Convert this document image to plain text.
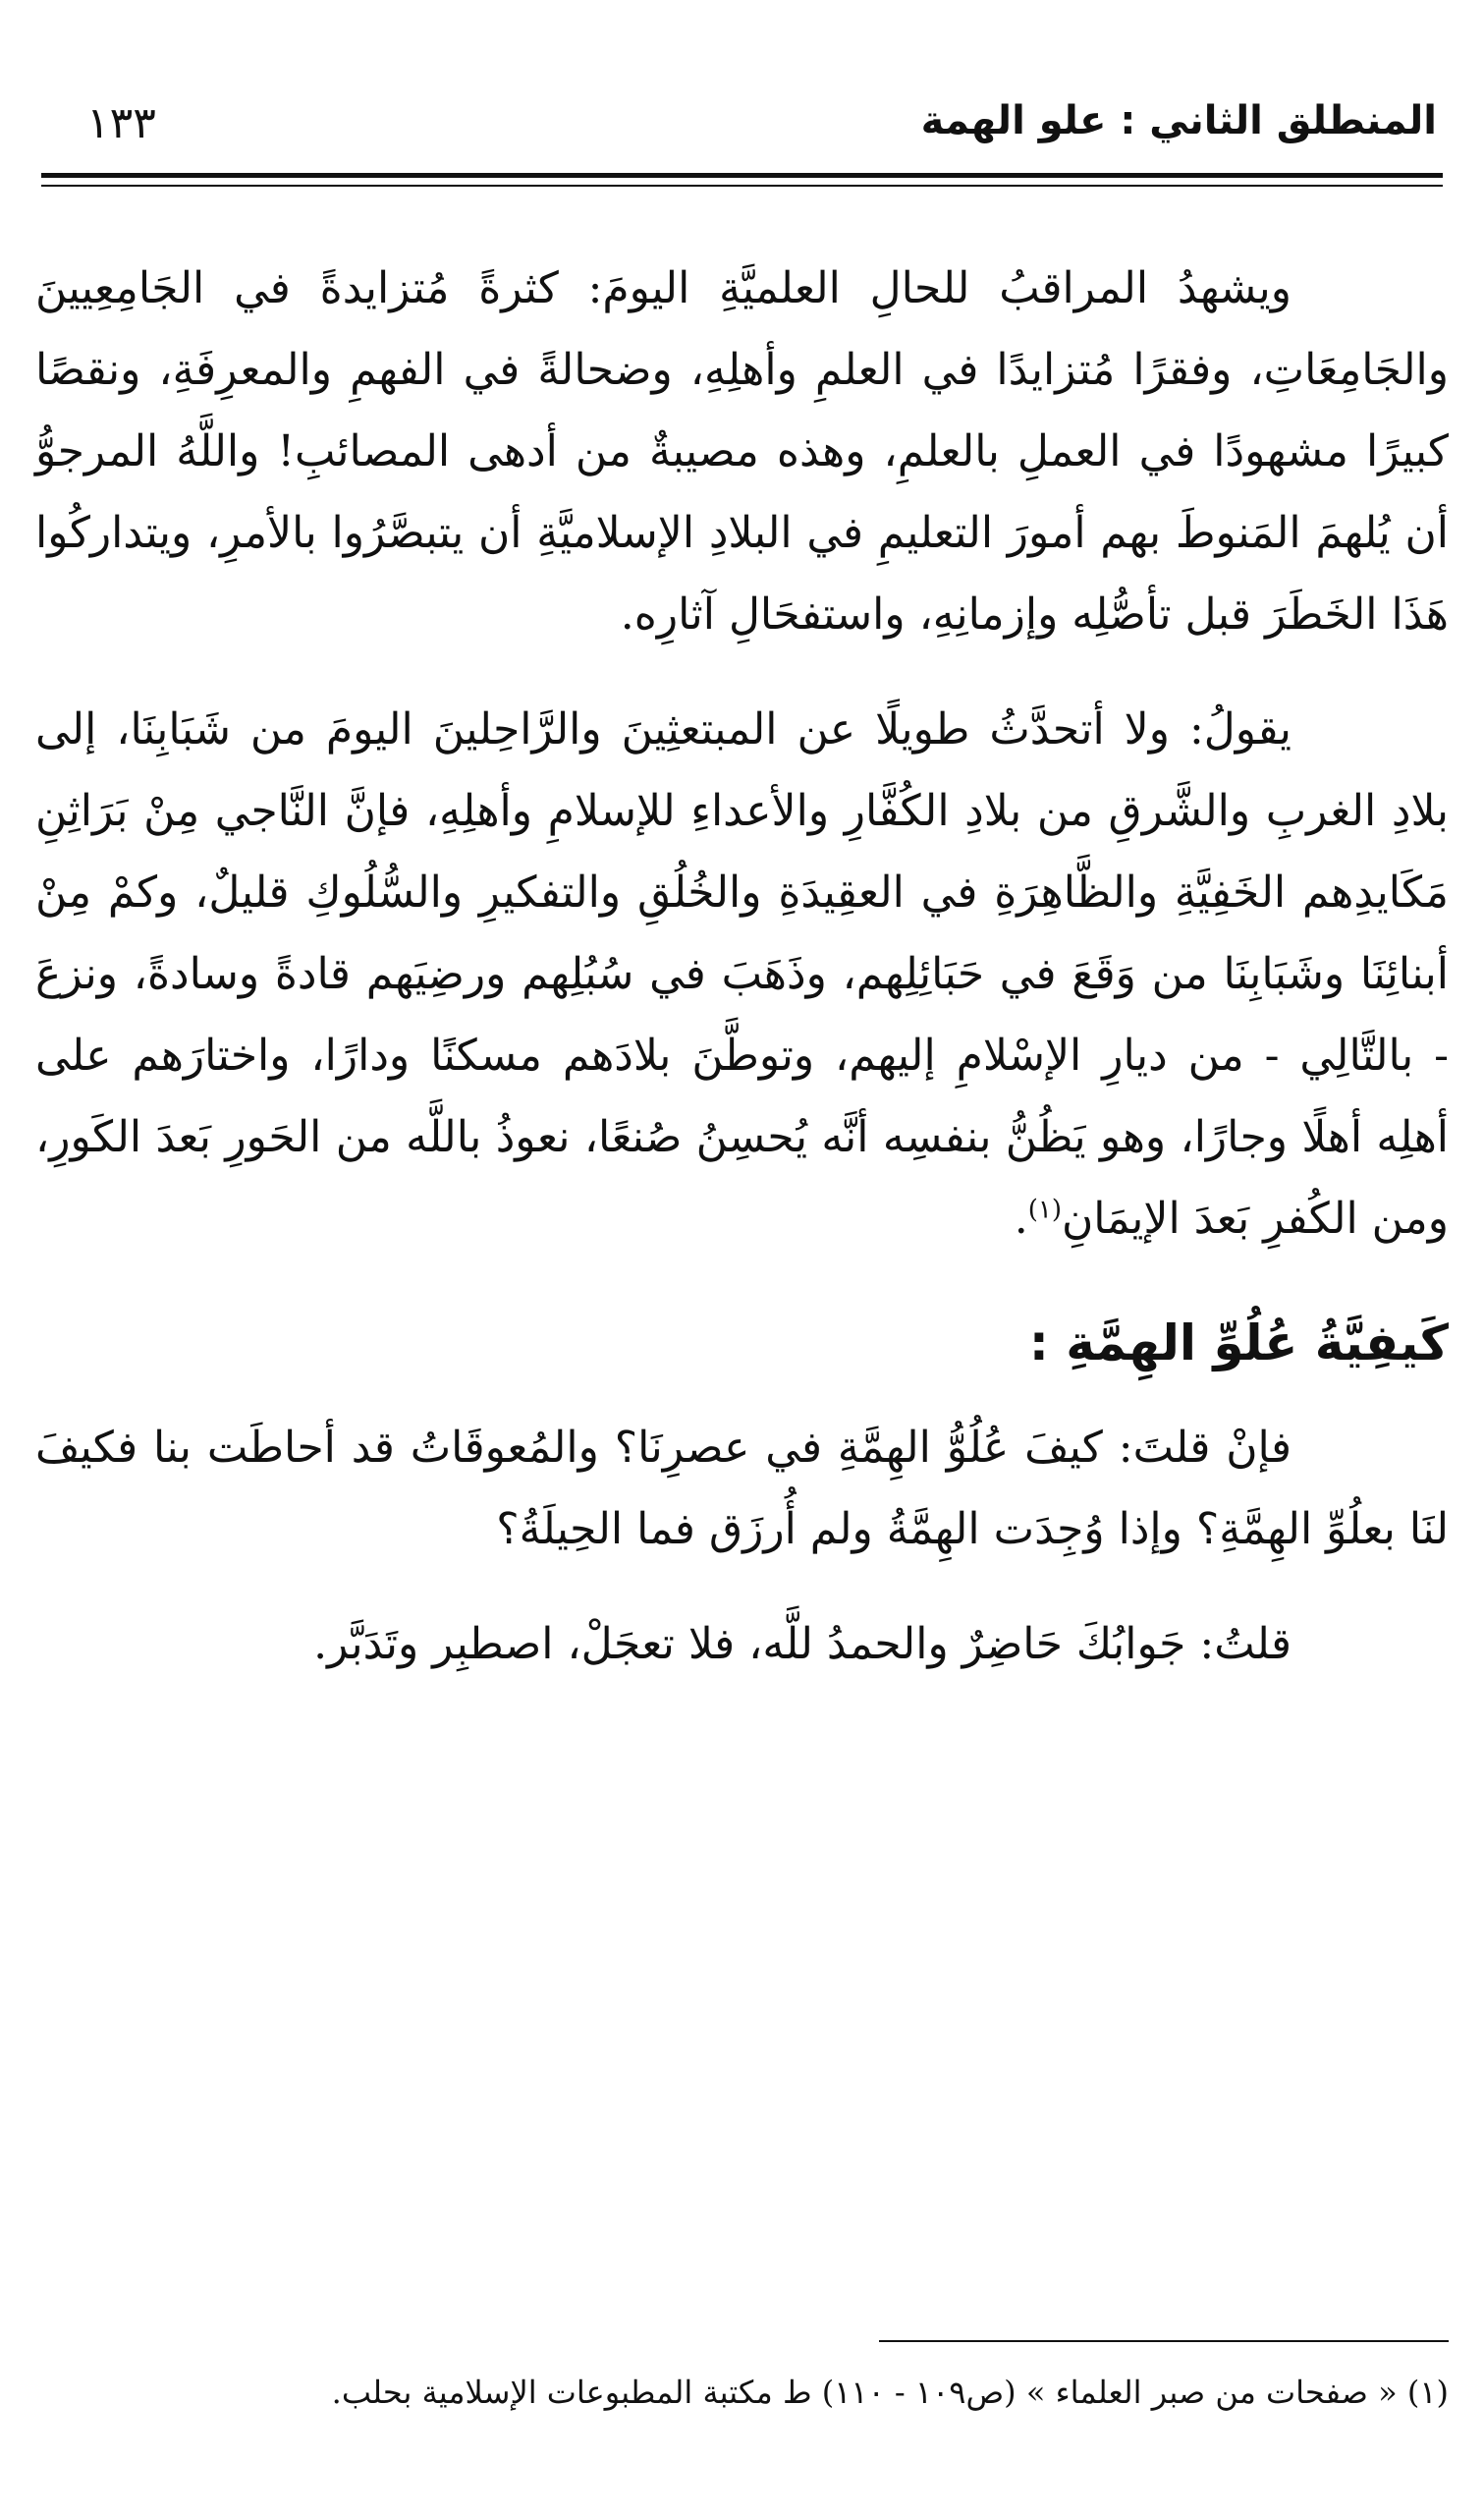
المنطلق الثاني : علو الهمة
١٣٣

ويشهدُ المراقبُ للحالِ العلميَّةِ اليومَ: كثرةً مُتزايدةً في الجَامِعِيينَ والجَامِعَاتِ، وفقرًا مُتزايدًا في العلمِ وأهلِهِ، وضحالةً في الفهمِ والمعرِفَةِ، ونقصًا كبيرًا مشهودًا في العملِ بالعلمِ، وهذه مصيبةٌ من أدهى المصائبِ! واللَّهُ المرجوُّ أن يُلهمَ المَنوطَ بهم أمورَ التعليمِ في البلادِ الإسلاميَّةِ أن يتبصَّرُوا بالأمرِ، ويتداركُوا هَذَا الخَطَرَ قبل تأصُّلِه وإزمانِهِ، واستفحَالِ آثارِه.

يقولُ: ولا أتحدَّثُ طويلًا عن المبتعثِينَ والرَّاحِلينَ اليومَ من شَبَابِنَا، إلى بلادِ الغربِ والشَّرقِ من بلادِ الكُفَّارِ والأعداءِ للإسلامِ وأهلِهِ، فإنَّ النَّاجي مِنْ بَرَاثِنِ مَكَايدِهم الخَفِيَّةِ والظَّاهِرَةِ في العقِيدَةِ والخُلُقِ والتفكيرِ والسُّلُوكِ قليلٌ، وكمْ مِنْ أبنائِنَا وشَبَابِنَا من وَقَعَ في حَبَائِلِهم، وذَهَبَ في سُبُلِهم ورضِيَهم قادةً وسادةً، ونزعَ - بالتَّالِي - من ديارِ الإسْلامِ إليهم، وتوطَّنَ بلادَهم مسكنًا ودارًا، واختارَهم على أهلِه أهلًا وجارًا، وهو يَظُنُّ بنفسِه أنَّه يُحسِنُ صُنعًا، نعوذُ باللَّه من الحَورِ بَعدَ الكَورِ، ومن الكُفرِ بَعدَ الإيمَانِ$^{(١)}$.

كَيفِيَّةُ عُلُوِّ الهِمَّةِ :

فإنْ قلتَ: كيفَ عُلُوُّ الهِمَّةِ في عصرِنَا؟ والمُعوقَاتُ قد أحاطَت بنا فكيفَ لنَا بعلُوِّ الهِمَّةِ؟ وإذا وُجِدَت الهِمَّةُ ولم أُرزَق فما الحِيلَةُ؟

قلتُ: جَوابُكَ حَاضِرٌ والحمدُ للَّه، فلا تعجَلْ، اصطبِر وتَدَبَّر.

(١) « صفحات من صبر العلماء » (ص١٠٩ - ١١٠) ط مكتبة المطبوعات الإسلامية بحلب.
